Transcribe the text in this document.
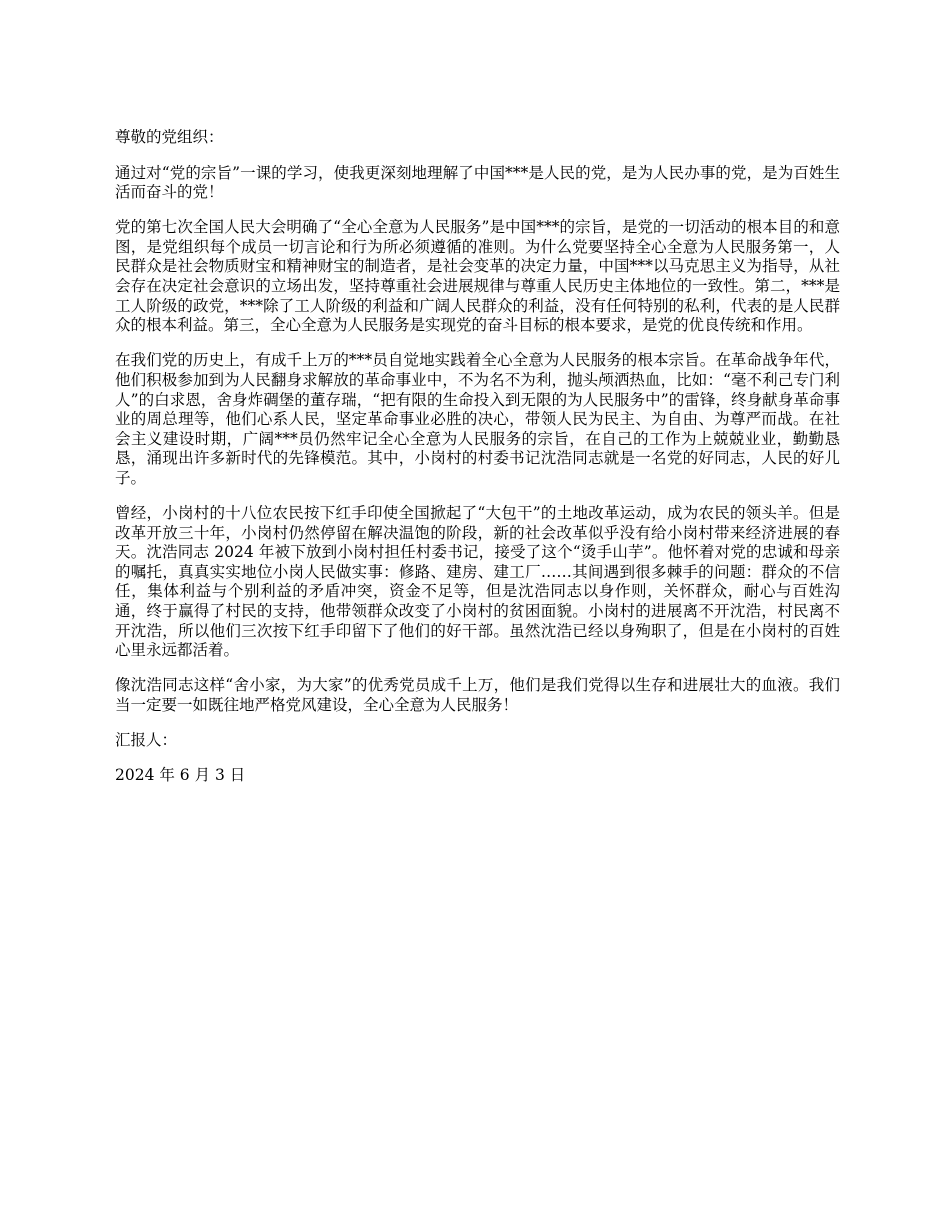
尊敬的党组织：

通过对“党的宗旨”一课的学习，使我更深刻地理解了中国***是人民的党，是为人民办事的党，是为百姓生活而奋斗的党！

党的第七次全国人民大会明确了“全心全意为人民服务”是中国***的宗旨，是党的一切活动的根本目的和意图，是党组织每个成员一切言论和行为所必须遵循的准则。为什么党要坚持全心全意为人民服务第一，人民群众是社会物质财宝和精神财宝的制造者，是社会变革的决定力量，中国***以马克思主义为指导，从社会存在决定社会意识的立场出发，坚持尊重社会进展规律与尊重人民历史主体地位的一致性。第二，***是工人阶级的政党，***除了工人阶级的利益和广阔人民群众的利益，没有任何特别的私利，代表的是人民群众的根本利益。第三，全心全意为人民服务是实现党的奋斗目标的根本要求，是党的优良传统和作用。

在我们党的历史上，有成千上万的***员自觉地实践着全心全意为人民服务的根本宗旨。在革命战争年代，他们积极参加到为人民翻身求解放的革命事业中，不为名不为利，抛头颅洒热血，比如：“毫不利己专门利人”的白求恩，舍身炸碉堡的董存瑞，“把有限的生命投入到无限的为人民服务中”的雷锋，终身献身革命事业的周总理等，他们心系人民，坚定革命事业必胜的决心，带领人民为民主、为自由、为尊严而战。在社会主义建设时期，广阔***员仍然牢记全心全意为人民服务的宗旨，在自己的工作为上兢兢业业，勤勤恳恳，涌现出许多新时代的先锋模范。其中，小岗村的村委书记沈浩同志就是一名党的好同志，人民的好儿子。

曾经，小岗村的十八位农民按下红手印使全国掀起了“大包干”的土地改革运动，成为农民的领头羊。但是改革开放三十年，小岗村仍然停留在解决温饱的阶段，新的社会改革似乎没有给小岗村带来经济进展的春天。沈浩同志 2024 年被下放到小岗村担任村委书记，接受了这个“烫手山芋”。他怀着对党的忠诚和母亲的嘱托，真真实实地位小岗人民做实事：修路、建房、建工厂……其间遇到很多棘手的问题：群众的不信任，集体利益与个别利益的矛盾冲突，资金不足等，但是沈浩同志以身作则，关怀群众，耐心与百姓沟通，终于赢得了村民的支持，他带领群众改变了小岗村的贫困面貌。小岗村的进展离不开沈浩，村民离不开沈浩，所以他们三次按下红手印留下了他们的好干部。虽然沈浩已经以身殉职了，但是在小岗村的百姓心里永远都活着。

像沈浩同志这样“舍小家，为大家”的优秀党员成千上万，他们是我们党得以生存和进展壮大的血液。我们当一定要一如既往地严格党风建设，全心全意为人民服务！

汇报人：

2024 年 6 月 3 日
